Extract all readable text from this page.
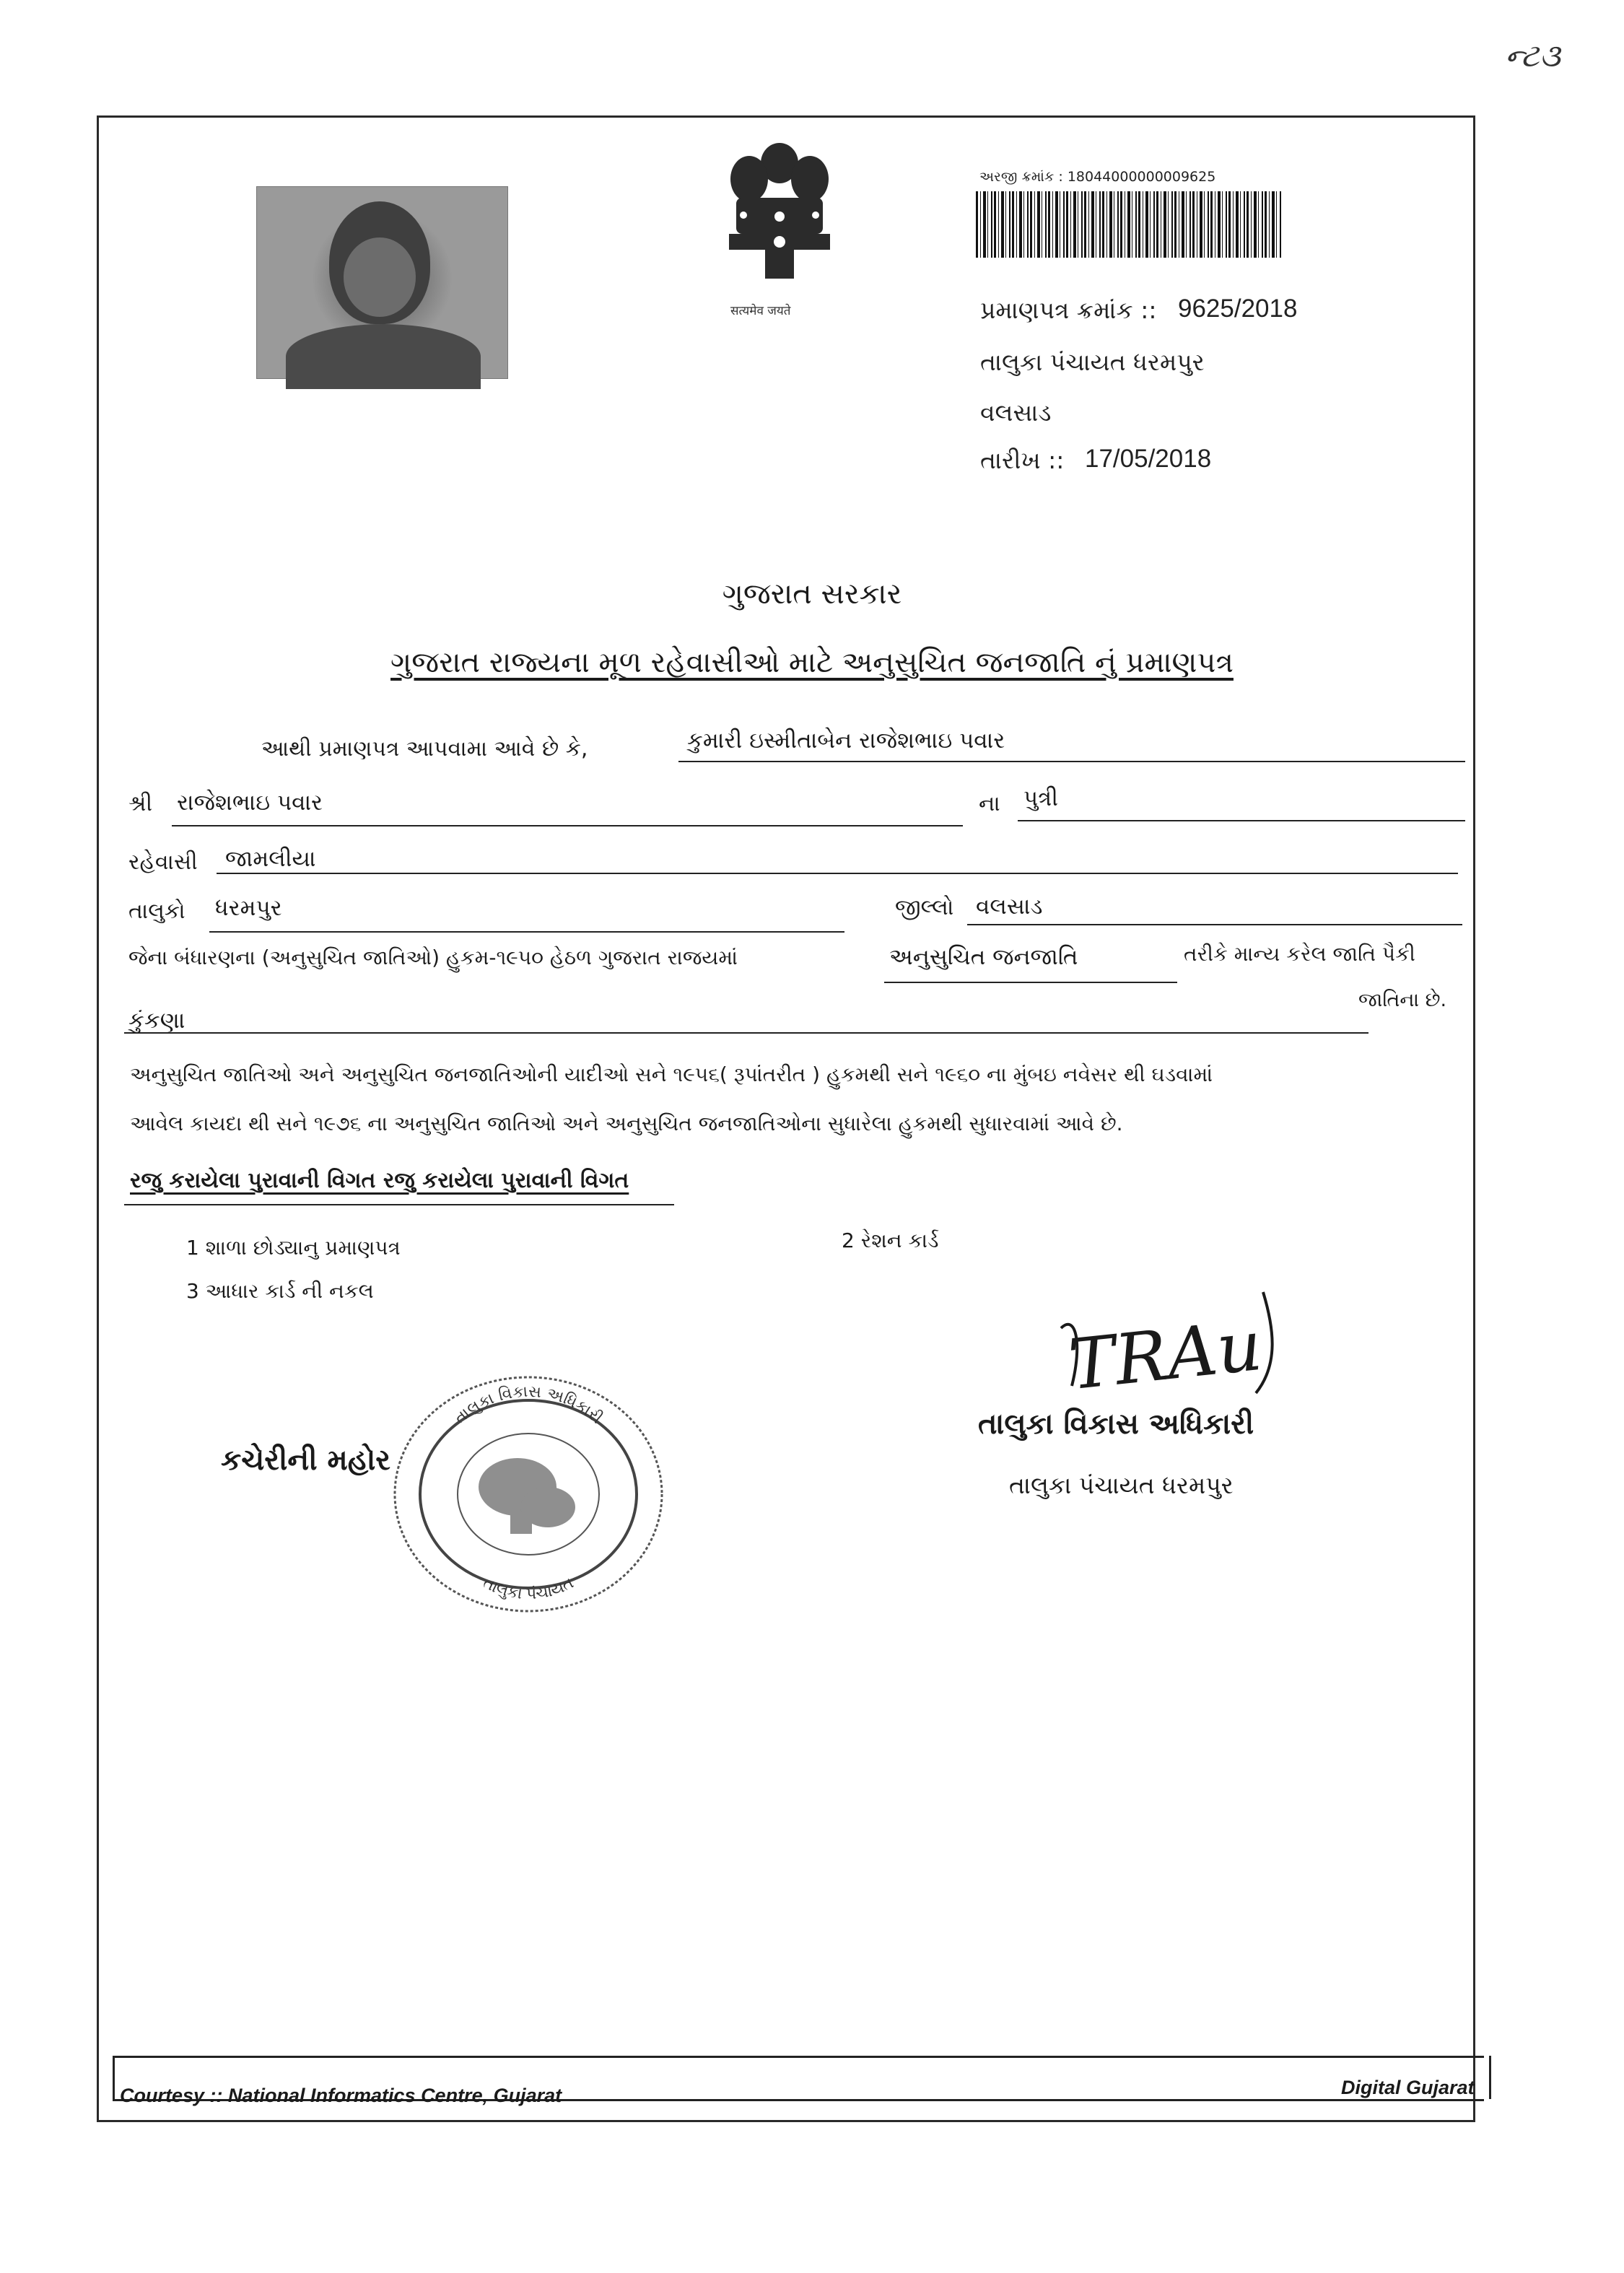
ન્ટ૩
सत्यमेव जयते
અરજી ક્રમાંક : 18044000000009625
પ્રમાણપત્ર ક્રમાંક :: 9625/2018
તાલુકા પંચાયત ધરમપુર
વલસાડ
તારીખ :: 17/05/2018
ગુજરાત સરકાર
ગુજરાત રાજ્યના મૂળ રહેવાસીઓ માટે અનુસુચિત જનજાતિ નું પ્રમાણપત્ર
આથી પ્રમાણપત્ર આપવામા આવે છે કે,	કુમારી ઇસ્મીતાબેન રાજેશભાઇ પવાર
શ્રી રાજેશભાઇ પવાર	ના પુત્રી
રહેવાસી જામલીયા
તાલુકો ધરમપુર	જીલ્લો વલસાડ
જેના બંધારણના (અનુસુચિત જાતિઓ) હુકમ-૧૯૫૦ હેઠળ ગુજરાત રાજયમાં	અનુસુચિત જનજાતિ	તરીકે માન્ય કરેલ જાતિ પૈકી
જાતિના છે.
કુંકણા
અનુસુચિત જાતિઓ અને અનુસુચિત જનજાતિઓની યાદીઓ સને ૧૯૫૬( રૂપાંતરીત ) હુકમથી સને ૧૯૬૦ ના મુંબઇ નવેસર થી ઘડવામાં
આવેલ કાયદા થી સને ૧૯૭૬ ના અનુસુચિત જાતિઓ અને અનુસુચિત જનજાતિઓના સુધારેલા હુકમથી સુધારવામાં આવે છે.
રજુ કરાયેલા પુરાવાની વિગત રજુ કરાયેલા પુરાવાની વિગત
1 શાળા છોડ્યાનુ પ્રમાણપત્ર	2 રેશન કાર્ડ
3 આધાર કાર્ડ ની નકલ
કચેરીની મહોર
તાલુકા વિકાસ અધિકારી
તાલુકા પંચાયત
TRAu
તાલુકા વિકાસ અધિકારી
તાલુકા પંચાયત ધરમપુર
Courtesy :: National Informatics Centre, Gujarat	Digital Gujarat
